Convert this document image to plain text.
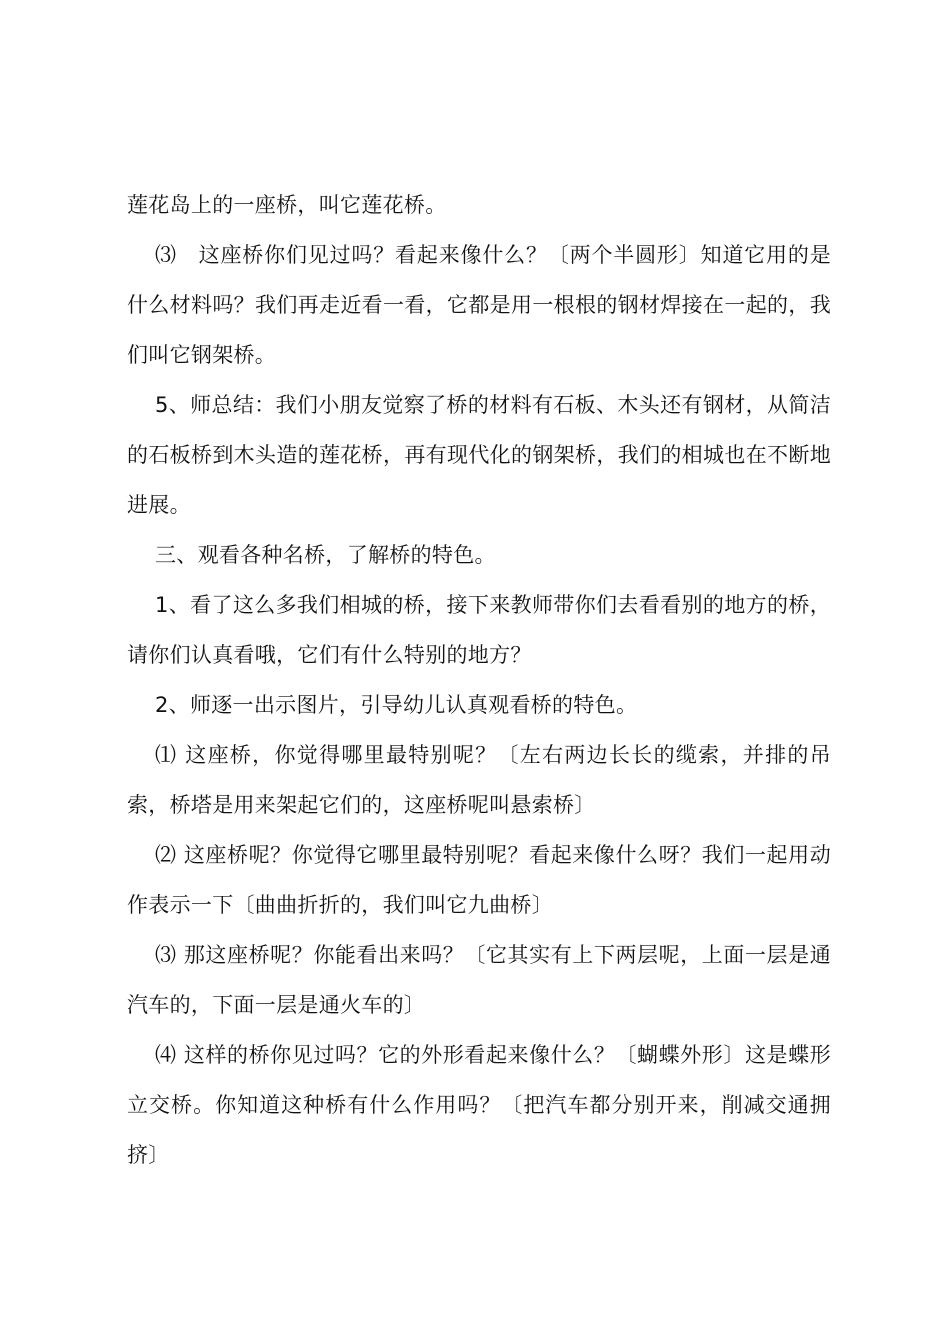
莲花岛上的一座桥，叫它莲花桥。

⑶　这座桥你们见过吗？看起来像什么？〔两个半圆形〕知道它用的是什么材料吗？我们再走近看一看，它都是用一根根的钢材焊接在一起的，我们叫它钢架桥。

5、师总结：我们小朋友觉察了桥的材料有石板、木头还有钢材，从简洁的石板桥到木头造的莲花桥，再有现代化的钢架桥，我们的相城也在不断地进展。

三、观看各种名桥，了解桥的特色。

1、看了这么多我们相城的桥，接下来教师带你们去看看别的地方的桥，请你们认真看哦，它们有什么特别的地方？

2、师逐一出示图片，引导幼儿认真观看桥的特色。

⑴ 这座桥，你觉得哪里最特别呢？〔左右两边长长的缆索，并排的吊索，桥塔是用来架起它们的，这座桥呢叫悬索桥〕

⑵ 这座桥呢？你觉得它哪里最特别呢？看起来像什么呀？我们一起用动作表示一下〔曲曲折折的，我们叫它九曲桥〕

⑶ 那这座桥呢？你能看出来吗？〔它其实有上下两层呢，上面一层是通汽车的，下面一层是通火车的〕

⑷ 这样的桥你见过吗？它的外形看起来像什么？〔蝴蝶外形〕这是蝶形立交桥。你知道这种桥有什么作用吗？〔把汽车都分别开来，削减交通拥挤〕
